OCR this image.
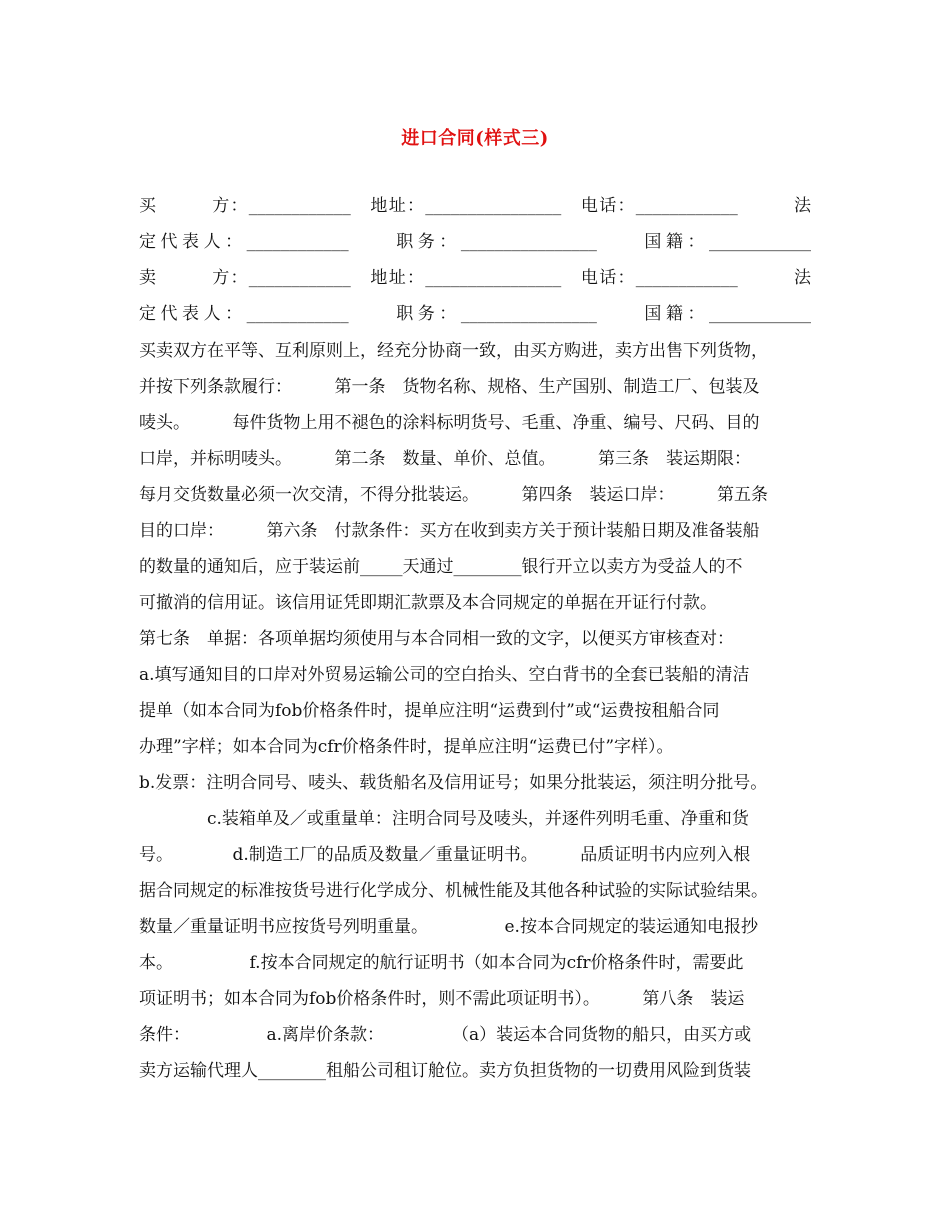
进口合同(样式三)
买　　　方：____________　地址：________________　电话：____________　　　法
定代表人：____________　　职务：________________　　国籍：____________
卖　　　方：____________　地址：________________　电话：____________　　　法
定代表人：____________　　职务：________________　　国籍：____________
买卖双方在平等、互利原则上，经充分协商一致，由买方购进，卖方出售下列货物，
并按下列条款履行：　　　第一条　货物名称、规格、生产国别、制造工厂、包装及
唛头。　　　每件货物上用不褪色的涂料标明货号、毛重、净重、编号、尺码、目的
口岸，并标明唛头。　　　第二条　数量、单价、总值。　　　第三条　装运期限：
每月交货数量必须一次交清，不得分批装运。　　　第四条　装运口岸：　　　第五条
目的口岸：　　　第六条　付款条件：买方在收到卖方关于预计装船日期及准备装船
的数量的通知后，应于装运前_____天通过________银行开立以卖方为受益人的不
可撤消的信用证。该信用证凭即期汇款票及本合同规定的单据在开证行付款。
第七条　单据：各项单据均须使用与本合同相一致的文字，以便买方审核查对：
a.填写通知目的口岸对外贸易运输公司的空白抬头、空白背书的全套已装船的清洁
提单（如本合同为fob价格条件时，提单应注明“运费到付”或“运费按租船合同
办理”字样；如本合同为cfr价格条件时，提单应注明“运费已付”字样）。
b.发票：注明合同号、唛头、载货船名及信用证号；如果分批装运，须注明分批号。
　　　　c.装箱单及／或重量单：注明合同号及唛头，并逐件列明毛重、净重和货
号。　　　　d.制造工厂的品质及数量／重量证明书。　　　品质证明书内应列入根
据合同规定的标准按货号进行化学成分、机械性能及其他各种试验的实际试验结果。
数量／重量证明书应按货号列明重量。　　　　　e.按本合同规定的装运通知电报抄
本。　　　　　f.按本合同规定的航行证明书（如本合同为cfr价格条件时，需要此
项证明书；如本合同为fob价格条件时，则不需此项证明书）。　　　第八条　装运
条件：　　　　　a.离岸价条款：　　　　　（a）装运本合同货物的船只，由买方或
卖方运输代理人________租船公司租订舱位。卖方负担货物的一切费用风险到货装
